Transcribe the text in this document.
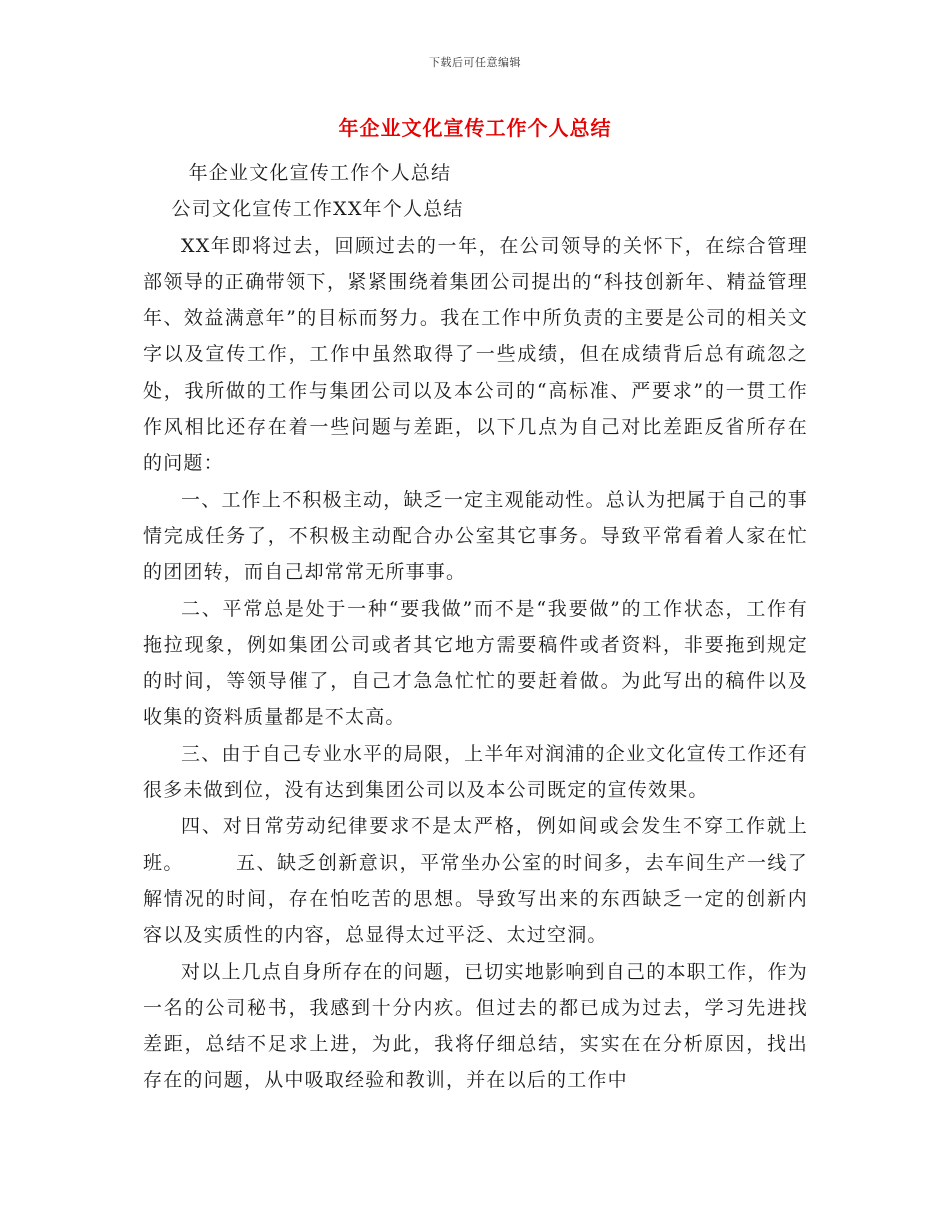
下载后可任意编辑
年企业文化宣传工作个人总结

年企业文化宣传工作个人总结

公司文化宣传工作XX年个人总结

XX年即将过去，回顾过去的一年，在公司领导的关怀下，在综合管理部领导的正确带领下，紧紧围绕着集团公司提出的“科技创新年、精益管理年、效益满意年”的目标而努力。我在工作中所负责的主要是公司的相关文字以及宣传工作，工作中虽然取得了一些成绩，但在成绩背后总有疏忽之处，我所做的工作与集团公司以及本公司的“高标准、严要求”的一贯工作作风相比还存在着一些问题与差距，以下几点为自己对比差距反省所存在的问题：

一、工作上不积极主动，缺乏一定主观能动性。总认为把属于自己的事情完成任务了，不积极主动配合办公室其它事务。导致平常看着人家在忙的团团转，而自己却常常无所事事。

二、平常总是处于一种“要我做”而不是“我要做”的工作状态，工作有拖拉现象，例如集团公司或者其它地方需要稿件或者资料，非要拖到规定的时间，等领导催了，自己才急急忙忙的要赶着做。为此写出的稿件以及收集的资料质量都是不太高。

三、由于自己专业水平的局限，上半年对润浦的企业文化宣传工作还有很多未做到位，没有达到集团公司以及本公司既定的宣传效果。

四、对日常劳动纪律要求不是太严格，例如间或会发生不穿工作就上班。	五、缺乏创新意识，平常坐办公室的时间多，去车间生产一线了解情况的时间，存在怕吃苦的思想。导致写出来的东西缺乏一定的创新内容以及实质性的内容，总显得太过平泛、太过空洞。

对以上几点自身所存在的问题，已切实地影响到自己的本职工作，作为一名的公司秘书，我感到十分内疚。但过去的都已成为过去，学习先进找差距，总结不足求上进，为此，我将仔细总结，实实在在分析原因，找出存在的问题，从中吸取经验和教训，并在以后的工作中
